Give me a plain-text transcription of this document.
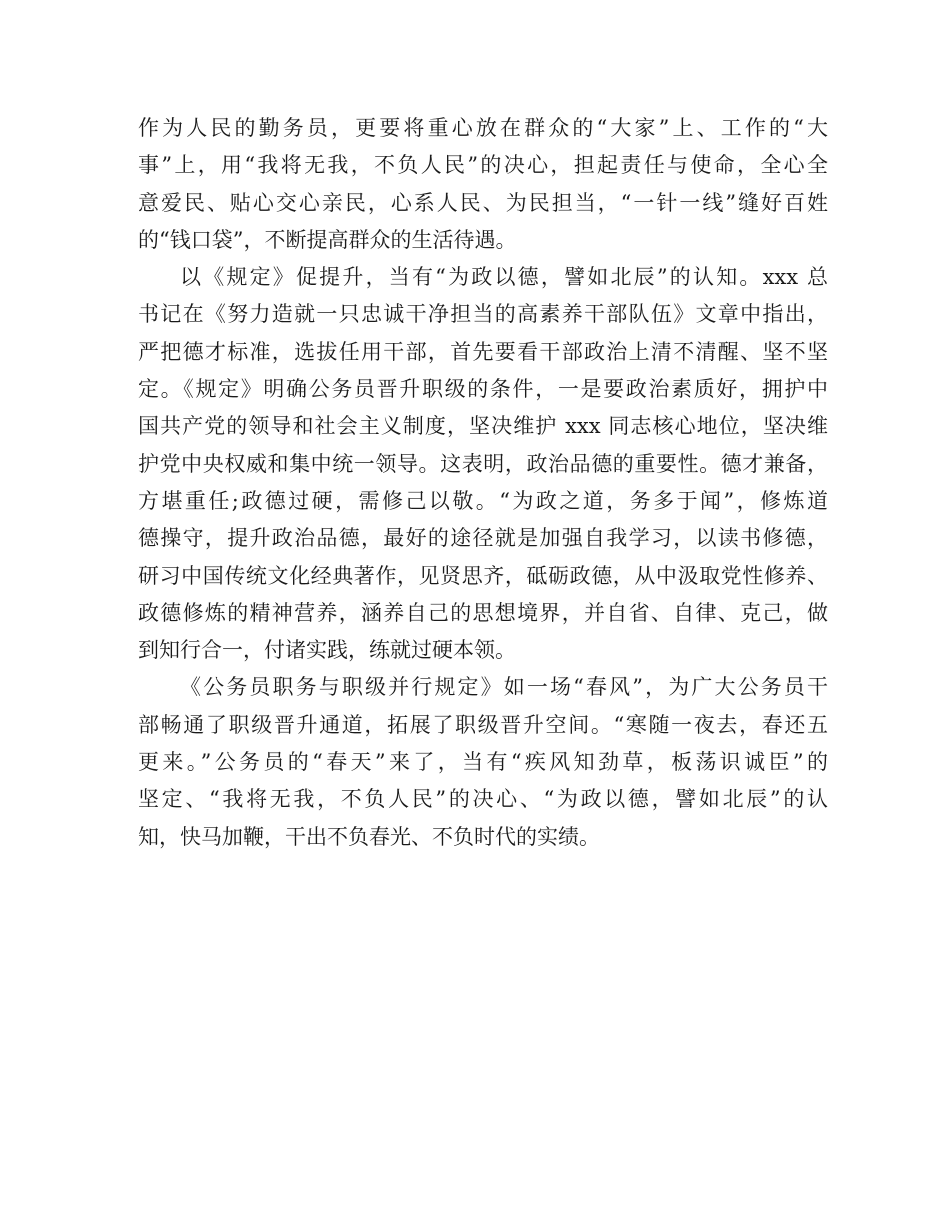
作为人民的勤务员，更要将重心放在群众的“大家”上、工作的“大
事”上，用“我将无我，不负人民”的决心，担起责任与使命，全心全
意爱民、贴心交心亲民，心系人民、为民担当，“一针一线”缝好百姓
的“钱口袋”，不断提高群众的生活待遇。
以《规定》促提升，当有“为政以德，譬如北辰”的认知。xxx 总
书记在《努力造就一只忠诚干净担当的高素养干部队伍》文章中指出，
严把德才标准，选拔任用干部，首先要看干部政治上清不清醒、坚不坚
定。《规定》明确公务员晋升职级的条件，一是要政治素质好，拥护中
国共产党的领导和社会主义制度，坚决维护 xxx 同志核心地位，坚决维
护党中央权威和集中统一领导。这表明，政治品德的重要性。德才兼备，
方堪重任;政德过硬，需修己以敬。“为政之道，务多于闻”，修炼道
德操守，提升政治品德，最好的途径就是加强自我学习，以读书修德，
研习中国传统文化经典著作，见贤思齐，砥砺政德，从中汲取党性修养、
政德修炼的精神营养，涵养自己的思想境界，并自省、自律、克己，做
到知行合一，付诸实践，练就过硬本领。
《公务员职务与职级并行规定》如一场“春风”，为广大公务员干
部畅通了职级晋升通道，拓展了职级晋升空间。“寒随一夜去，春还五
更来。”公务员的“春天”来了，当有“疾风知劲草，板荡识诚臣”的
坚定、“我将无我，不负人民”的决心、“为政以德，譬如北辰”的认
知，快马加鞭，干出不负春光、不负时代的实绩。
